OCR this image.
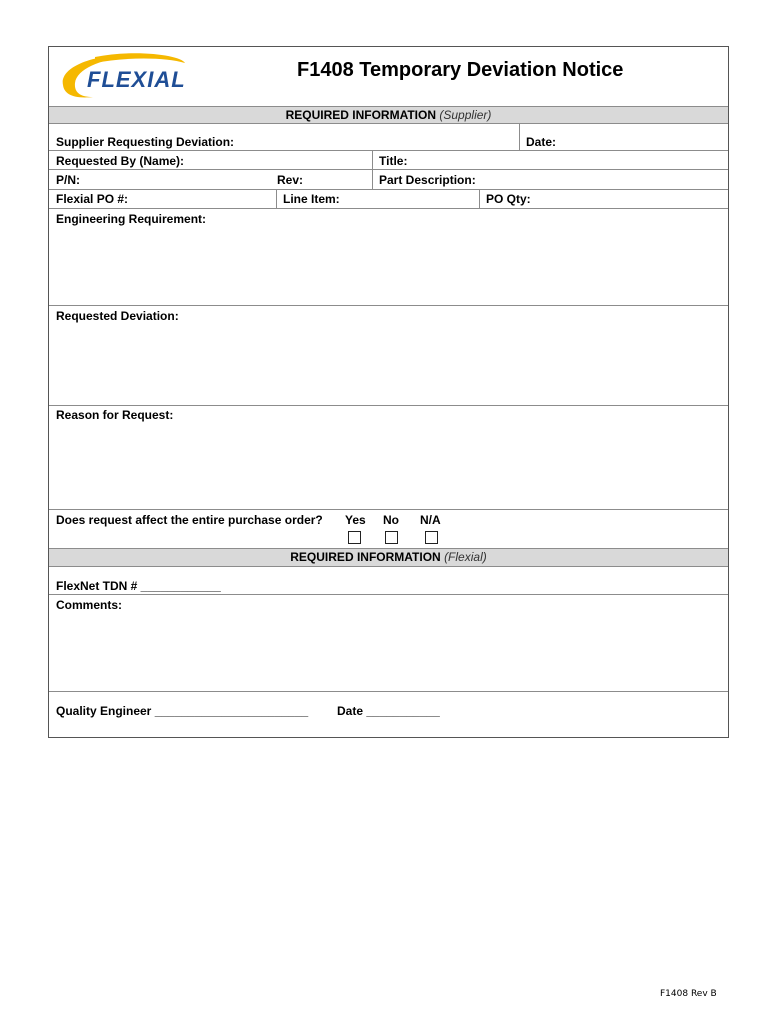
FLEXIAL	F1408 Temporary Deviation Notice
REQUIRED INFORMATION (Supplier)
Supplier Requesting Deviation:	Date:
Requested By (Name):	Title:
P/N:	Rev:	Part Description:
Flexial PO #:	Line Item:	PO Qty:
Engineering Requirement:
Requested Deviation:
Reason for Request:
Does request affect the entire purchase order? Yes No N/A
REQUIRED INFORMATION (Flexial)
FlexNet TDN # ____________
Comments:
Quality Engineer _______________________ Date ___________
F1408 Rev B
